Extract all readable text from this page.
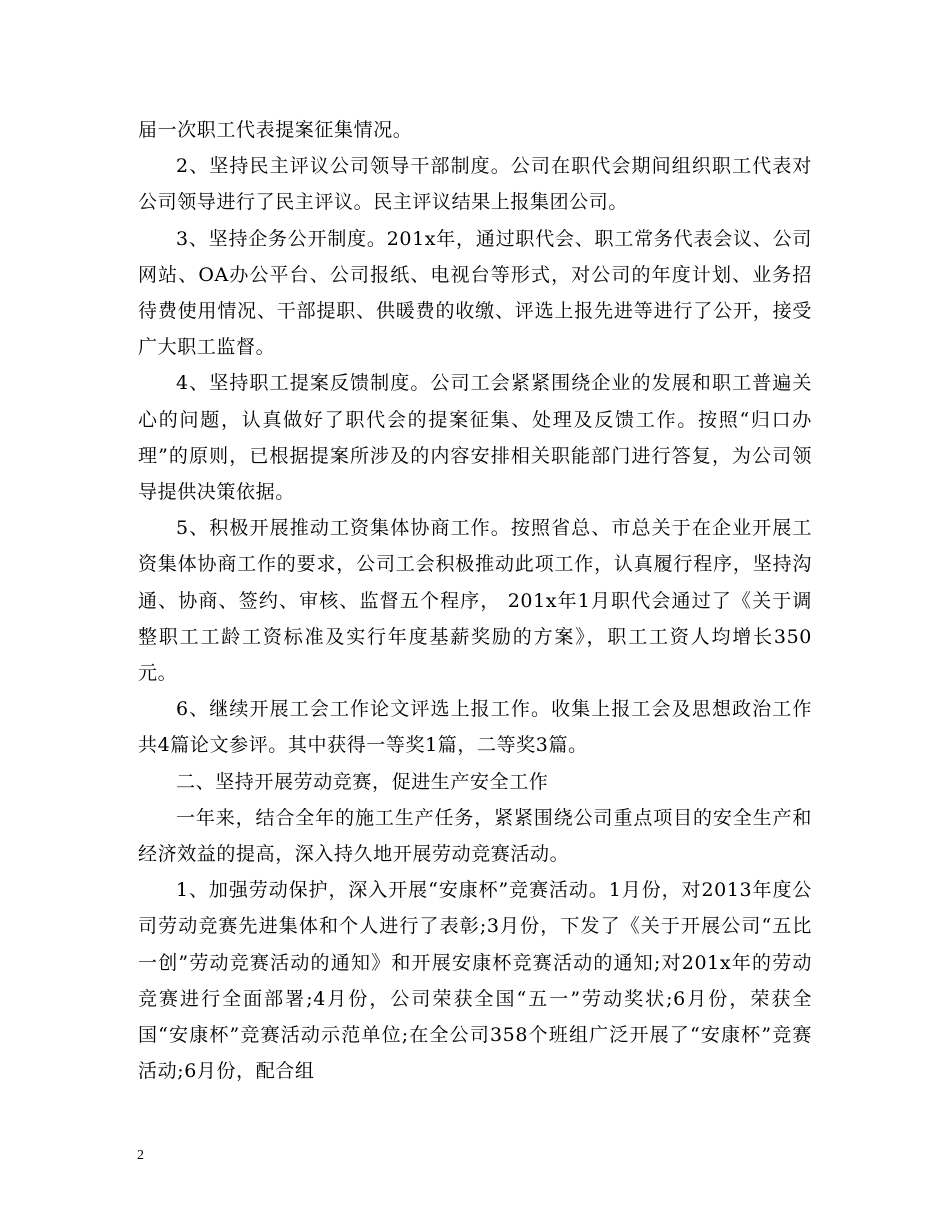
届一次职工代表提案征集情况。

2、坚持民主评议公司领导干部制度。公司在职代会期间组织职工代表对公司领导进行了民主评议。民主评议结果上报集团公司。

3、坚持企务公开制度。201x年，通过职代会、职工常务代表会议、公司网站、OA办公平台、公司报纸、电视台等形式，对公司的年度计划、业务招待费使用情况、干部提职、供暖费的收缴、评选上报先进等进行了公开，接受广大职工监督。

4、坚持职工提案反馈制度。公司工会紧紧围绕企业的发展和职工普遍关心的问题，认真做好了职代会的提案征集、处理及反馈工作。按照“归口办理”的原则，已根据提案所涉及的内容安排相关职能部门进行答复，为公司领导提供决策依据。

5、积极开展推动工资集体协商工作。按照省总、市总关于在企业开展工资集体协商工作的要求，公司工会积极推动此项工作，认真履行程序，坚持沟通、协商、签约、审核、监督五个程序， 201x年1月职代会通过了《关于调整职工工龄工资标准及实行年度基薪奖励的方案》，职工工资人均增长350元。

6、继续开展工会工作论文评选上报工作。收集上报工会及思想政治工作共4篇论文参评。其中获得一等奖1篇，二等奖3篇。

二、坚持开展劳动竞赛，促进生产安全工作

一年来，结合全年的施工生产任务，紧紧围绕公司重点项目的安全生产和经济效益的提高，深入持久地开展劳动竞赛活动。

1、加强劳动保护，深入开展“安康杯”竞赛活动。1月份，对2013年度公司劳动竞赛先进集体和个人进行了表彰;3月份，下发了《关于开展公司“五比一创”劳动竞赛活动的通知》和开展安康杯竞赛活动的通知;对201x年的劳动竞赛进行全面部署;4月份，公司荣获全国“五一”劳动奖状;6月份，荣获全国“安康杯”竞赛活动示范单位;在全公司358个班组广泛开展了“安康杯”竞赛活动;6月份，配合组

2
